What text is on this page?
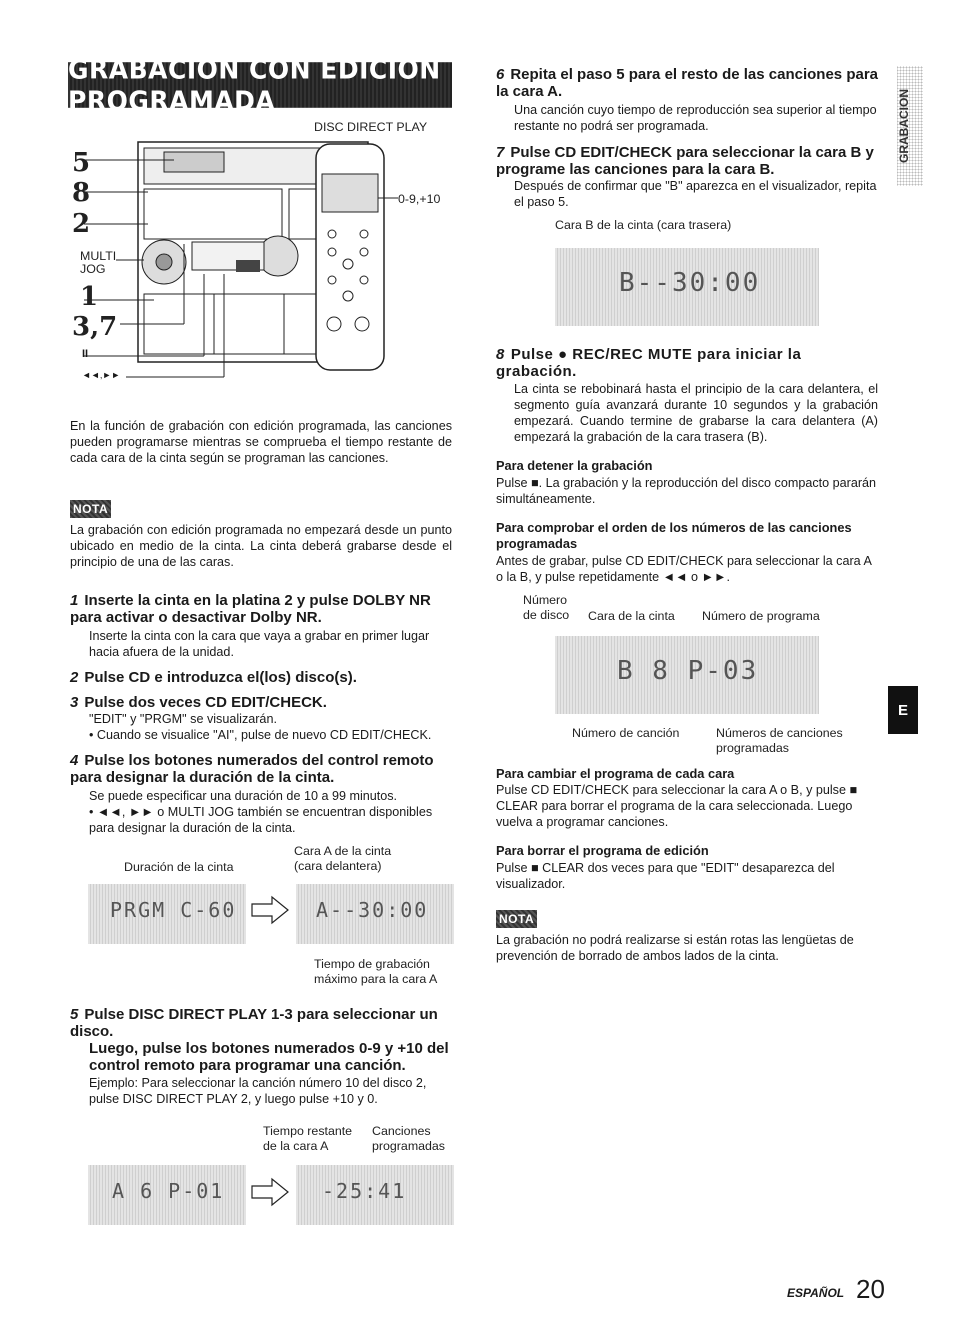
GRABACION CON EDICION PROGRAMADA	GRABACION
E
DISC DIRECT PLAY
5
8
2
MULTI
JOG
1
3,7
II
◄◄,►►
0-9,+10
En la función de grabación con edición programada, las canciones pueden programarse mientras se comprueba el tiempo restante de cada cara de la cinta según se programan las canciones.
NOTA
La grabación con edición programada no empezará desde un punto ubicado en medio de la cinta. La cinta deberá grabarse desde el principio de una de las caras.
1 Inserte la cinta en la platina 2 y pulse DOLBY NR para activar o desactivar Dolby NR.
Inserte la cinta con la cara que vaya a grabar en primer lugar hacia afuera de la unidad.
2 Pulse CD e introduzca el(los) disco(s).
3 Pulse dos veces CD EDIT/CHECK.
"EDIT" y "PRGM" se visualizarán.
• Cuando se visualice "AI", pulse de nuevo CD EDIT/CHECK.
4 Pulse los botones numerados del control remoto para designar la duración de la cinta.
Se puede especificar una duración de 10 a 99 minutos.
• ◄◄, ►► o MULTI JOG también se encuentran disponibles para designar la duración de la cinta.
Cara A de la cinta
(cara delantera)
Duración de la cinta
PRGM C-60	A--30:00
Tiempo de grabación
máximo para la cara A
5 Pulse DISC DIRECT PLAY 1-3 para seleccionar un disco.
Luego, pulse los botones numerados 0-9 y +10 del control remoto para programar una canción.
Ejemplo: Para seleccionar la canción número 10 del disco 2, pulse DISC DIRECT PLAY 2, y luego pulse +10 y 0.
Tiempo restante
de la cara A
Canciones
programadas
A 6 P-01	-25:41
6 Repita el paso 5 para el resto de las canciones para la cara A.
Una canción cuyo tiempo de reproducción sea superior al tiempo restante no podrá ser programada.
7 Pulse CD EDIT/CHECK para seleccionar la cara B y programe las canciones para la cara B.
Después de confirmar que "B" aparezca en el visualizador, repita el paso 5.
Cara B de la cinta (cara trasera)
B--30:00
8 Pulse ● REC/REC MUTE para iniciar la grabación.
La cinta se rebobinará hasta el principio de la cara delantera, el segmento guía avanzará durante 10 segundos y la grabación empezará. Cuando termine de grabarse la cara delantera (A) empezará la grabación de la cara trasera (B).
Para detener la grabación
Pulse ■. La grabación y la reproducción del disco compacto pararán simultáneamente.
Para comprobar el orden de los números de las canciones programadas
Antes de grabar, pulse CD EDIT/CHECK para seleccionar la cara A o la B, y pulse repetidamente ◄◄ o ►►.
Número
de disco Cara de la cinta Número de programa
B 8 P-03
Número de canción	Números de canciones
programadas
Para cambiar el programa de cada cara
Pulse CD EDIT/CHECK para seleccionar la cara A o B, y pulse ■ CLEAR para borrar el programa de la cara seleccionada. Luego vuelva a programar canciones.
Para borrar el programa de edición
Pulse ■ CLEAR dos veces para que "EDIT" desaparezca del visualizador.
NOTA
La grabación no podrá realizarse si están rotas las lengüetas de prevención de borrado de ambos lados de la cinta.
ESPAÑOL 20
